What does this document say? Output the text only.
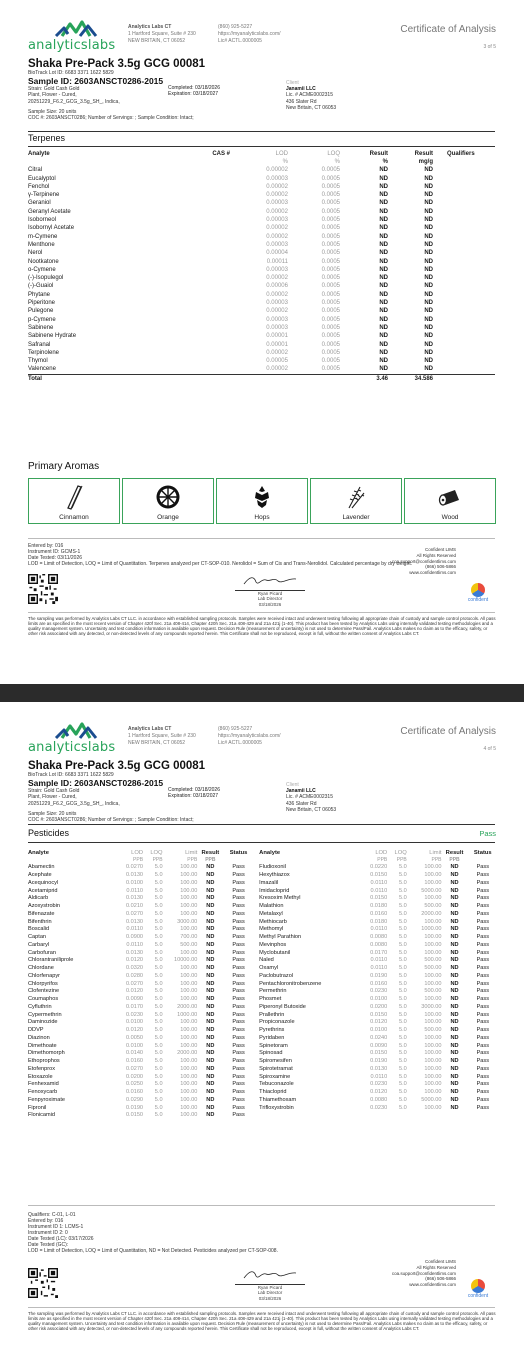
analyticslabs
Analytics Labs CT
1 Hartford Square, Suite # 230
NEW BRITAIN, CT 06052
(860) 925-5227
https://myanalyticslabs.com/
Lic# ACTL.0000005
Certificate of Analysis
3 of 5
Shaka Pre-Pack 3.5g GCG 00081
BioTrack Lot ID: 6683 3371 1622 5829
Sample ID: 2603ANSCT0286-2015
Strain: Gold Cash Gold
Plant, Flower - Cured,
20251229_F6.2_GCG_3.5g_SH_, Indica,
Sample Size: 20 units
COC #: 2603ANSCT0286; Number of Servings: ; Sample Condition: Intact;
Completed: 03/18/2026
Expiration: 03/18/2027
Client
Janamii LLC
Lic. # ACME0002315
436 Slater Rd
New Britain, CT 06053
Terpenes
Analyte	CAS #	LOD	LOQ	Result	Result	Qualifiers
		%	%	%	mg/g	
Citral		0.00002	0.0005	ND	ND	
Eucalyptol		0.00003	0.0005	ND	ND	
Fenchol		0.00002	0.0005	ND	ND	
γ-Terpinene		0.00002	0.0005	ND	ND	
Geraniol		0.00003	0.0005	ND	ND	
Geranyl Acetate		0.00002	0.0005	ND	ND	
Isoborneol		0.00003	0.0005	ND	ND	
Isobornyl Acetate		0.00002	0.0005	ND	ND	
m-Cymene		0.00002	0.0005	ND	ND	
Menthone		0.00003	0.0005	ND	ND	
Nerol		0.00004	0.0005	ND	ND	
Nootkatone		0.00011	0.0005	ND	ND	
o-Cymene		0.00003	0.0005	ND	ND	
(-)-Isopulegol		0.00002	0.0005	ND	ND	
(-)-Guaiol		0.00006	0.0005	ND	ND	
Phytane		0.00002	0.0005	ND	ND	
Piperitone		0.00003	0.0005	ND	ND	
Pulegone		0.00002	0.0005	ND	ND	
p-Cymene		0.00003	0.0005	ND	ND	
Sabinene		0.00003	0.0005	ND	ND	
Sabinene Hydrate		0.00001	0.0005	ND	ND	
Safranal		0.00001	0.0005	ND	ND	
Terpinolene		0.00002	0.0005	ND	ND	
Thymol		0.00005	0.0005	ND	ND	
Valencene		0.00002	0.0005	ND	ND	
Total				3.46	34.586	
Primary Aromas
Cinnamon	Orange	Hops	Lavender	Wood
Entered by: 016
Instrument ID: GCMS-1
Date Tested: 03/11/2026
LOD = Limit of Detection, LOQ = Limit of Quantitation. Terpenes analyzed per CT-SOP-010. Nerolidol = Sum of Cis and Trans-Nerolidol. Calculated percentage by dry weight.
Ryan Picard
Lab Director
03/18/2026
Confident LIMS
All Rights Reserved
coa.support@confidentlims.com
(866) 506-5866
www.confidentlims.com
confident
The sampling was performed by Analytics Labs CT LLC. in accordance with established sampling protocols. Samples were received intact and underwent testing following all appropriate chain of custody and sample control protocols. All pass limits are as specified in the most recent version of Chapter 420f Sec. 21a 408-414, Chapter 420h Sec. 21a 408-429 and 21a 421j (1-40). This product has been tested by Analytics Labs using internally validated testing methodologies and a quality management system. Uncertainty and test condition information is available upon request. Decision Rule (measurement of uncertainty) is not used to determine Pass/Fail. Analytics Labs makes no claim as to the efficacy, safety, or other risk associated with any detected, or non-detected levels of any compounds reported herein. This Certificate shall not be reproduced, except in full, without the written consent of Analytics Labs CT.
analyticslabs
Analytics Labs CT
1 Hartford Square, Suite # 230
NEW BRITAIN, CT 06052
(860) 925-5227
https://myanalyticslabs.com/
Lic# ACTL.0000005
Certificate of Analysis
4 of 5
Shaka Pre-Pack 3.5g GCG 00081
BioTrack Lot ID: 6683 3371 1622 5829
Sample ID: 2603ANSCT0286-2015
Strain: Gold Cash Gold
Plant, Flower - Cured,
20251229_F6.2_GCG_3.5g_SH_, Indica,
Sample Size: 20 units
COC #: 2603ANSCT0286; Number of Servings: ; Sample Condition: Intact;
Completed: 03/18/2026
Expiration: 03/18/2027
Client
Janamii LLC
Lic. # ACME0002315
436 Slater Rd
New Britain, CT 06053
Pesticides	Pass
Analyte	LOD	LOQ	Limit	Result	Status		Analyte	LOD	LOQ	Limit	Result	Status
	PPB	PPB	PPB	PPB				PPB	PPB	PPB	PPB	
Abamectin	0.0270	5.0	100.00	ND	Pass		Fludioxonil	0.0220	5.0	100.00	ND	Pass
Acephate	0.0130	5.0	100.00	ND	Pass		Hexythiazox	0.0150	5.0	100.00	ND	Pass
Acequinocyl	0.0100	5.0	100.00	ND	Pass		Imazalil	0.0110	5.0	100.00	ND	Pass
Acetamiprid	0.0110	5.0	100.00	ND	Pass		Imidacloprid	0.0110	5.0	5000.00	ND	Pass
Aldicarb	0.0130	5.0	100.00	ND	Pass		Kresoxim Methyl	0.0150	5.0	100.00	ND	Pass
Azoxystrobin	0.0210	5.0	100.00	ND	Pass		Malathion	0.0180	5.0	500.00	ND	Pass
Bifenazate	0.0270	5.0	100.00	ND	Pass		Metalaxyl	0.0160	5.0	2000.00	ND	Pass
Bifenthrin	0.0130	5.0	3000.00	ND	Pass		Methiocarb	0.0180	5.0	100.00	ND	Pass
Boscalid	0.0110	5.0	100.00	ND	Pass		Methomyl	0.0110	5.0	1000.00	ND	Pass
Captan	0.0900	5.0	700.00	ND	Pass		Methyl Parathion	0.0080	5.0	100.00	ND	Pass
Carbaryl	0.0110	5.0	500.00	ND	Pass		Mevinphos	0.0080	5.0	100.00	ND	Pass
Carbofuran	0.0130	5.0	100.00	ND	Pass		Myclobutanil	0.0170	5.0	100.00	ND	Pass
Chlorantraniliprole	0.0120	5.0	10000.00	ND	Pass		Naled	0.0110	5.0	500.00	ND	Pass
Chlordane	0.0320	5.0	100.00	ND	Pass		Oxamyl	0.0110	5.0	500.00	ND	Pass
Chlorfenapyr	0.0280	5.0	100.00	ND	Pass		Paclobutrazol	0.0190	5.0	100.00	ND	Pass
Chlorpyrifos	0.0270	5.0	100.00	ND	Pass		Pentachloronitrobenzene	0.0160	5.0	100.00	ND	Pass
Clofentezine	0.0120	5.0	100.00	ND	Pass		Permethrin	0.0230	5.0	500.00	ND	Pass
Coumaphos	0.0090	5.0	100.00	ND	Pass		Phosmet	0.0100	5.0	100.00	ND	Pass
Cyfluthrin	0.0170	5.0	2000.00	ND	Pass		Piperonyl Butoxide	0.0200	5.0	3000.00	ND	Pass
Cypermethrin	0.0230	5.0	1000.00	ND	Pass		Prallethrin	0.0150	5.0	100.00	ND	Pass
Daminozide	0.0100	5.0	100.00	ND	Pass		Propiconazole	0.0120	5.0	100.00	ND	Pass
DDVP	0.0120	5.0	100.00	ND	Pass		Pyrethrins	0.0100	5.0	500.00	ND	Pass
Diazinon	0.0050	5.0	100.00	ND	Pass		Pyridaben	0.0240	5.0	100.00	ND	Pass
Dimethoate	0.0100	5.0	100.00	ND	Pass		Spinetoram	0.0090	5.0	100.00	ND	Pass
Dimethomorph	0.0140	5.0	2000.00	ND	Pass		Spinosad	0.0150	5.0	100.00	ND	Pass
Ethoprophos	0.0160	5.0	100.00	ND	Pass		Spiromesifen	0.0190	5.0	100.00	ND	Pass
Etofenprox	0.0270	5.0	100.00	ND	Pass		Spirotetramat	0.0130	5.0	100.00	ND	Pass
Etoxazole	0.0200	5.0	100.00	ND	Pass		Spiroxamine	0.0110	5.0	100.00	ND	Pass
Fenhexamid	0.0250	5.0	100.00	ND	Pass		Tebuconazole	0.0230	5.0	100.00	ND	Pass
Fenoxycarb	0.0160	5.0	100.00	ND	Pass		Thiacloprid	0.0120	5.0	100.00	ND	Pass
Fenpyroximate	0.0290	5.0	100.00	ND	Pass		Thiamethoxam	0.0080	5.0	5000.00	ND	Pass
Fipronil	0.0190	5.0	100.00	ND	Pass		Trifloxystrobin	0.0230	5.0	100.00	ND	Pass
Flonicamid	0.0150	5.0	100.00	ND	Pass							
Qualifiers: C-01, L-01
Entered by: 016
Instrument ID 1: LCMS-1
Instrument ID 2: 0
Date Tested (LC): 03/17/2026
Date Tested (GC):
LOD = Limit of Detection, LOQ = Limit of Quantitation, ND = Not Detected. Pesticides analyzed per CT-SOP-008.
Ryan Picard
Lab Director
03/18/2026
Confident LIMS
All Rights Reserved
coa.support@confidentlims.com
(866) 506-5866
www.confidentlims.com
confident
The sampling was performed by Analytics Labs CT LLC. in accordance with established sampling protocols. Samples were received intact and underwent testing following all appropriate chain of custody and sample control protocols. All pass limits are as specified in the most recent version of Chapter 420f Sec. 21a 408-414, Chapter 420h Sec. 21a 408-429 and 21a 421j (1-40). This product has been tested by Analytics Labs using internally validated testing methodologies and a quality management system. Uncertainty and test condition information is available upon request. Decision Rule (measurement of uncertainty) is not used to determine Pass/Fail. Analytics Labs makes no claim as to the efficacy, safety, or other risk associated with any detected, or non-detected levels of any compounds reported herein. This Certificate shall not be reproduced, except in full, without the written consent of Analytics Labs CT.
